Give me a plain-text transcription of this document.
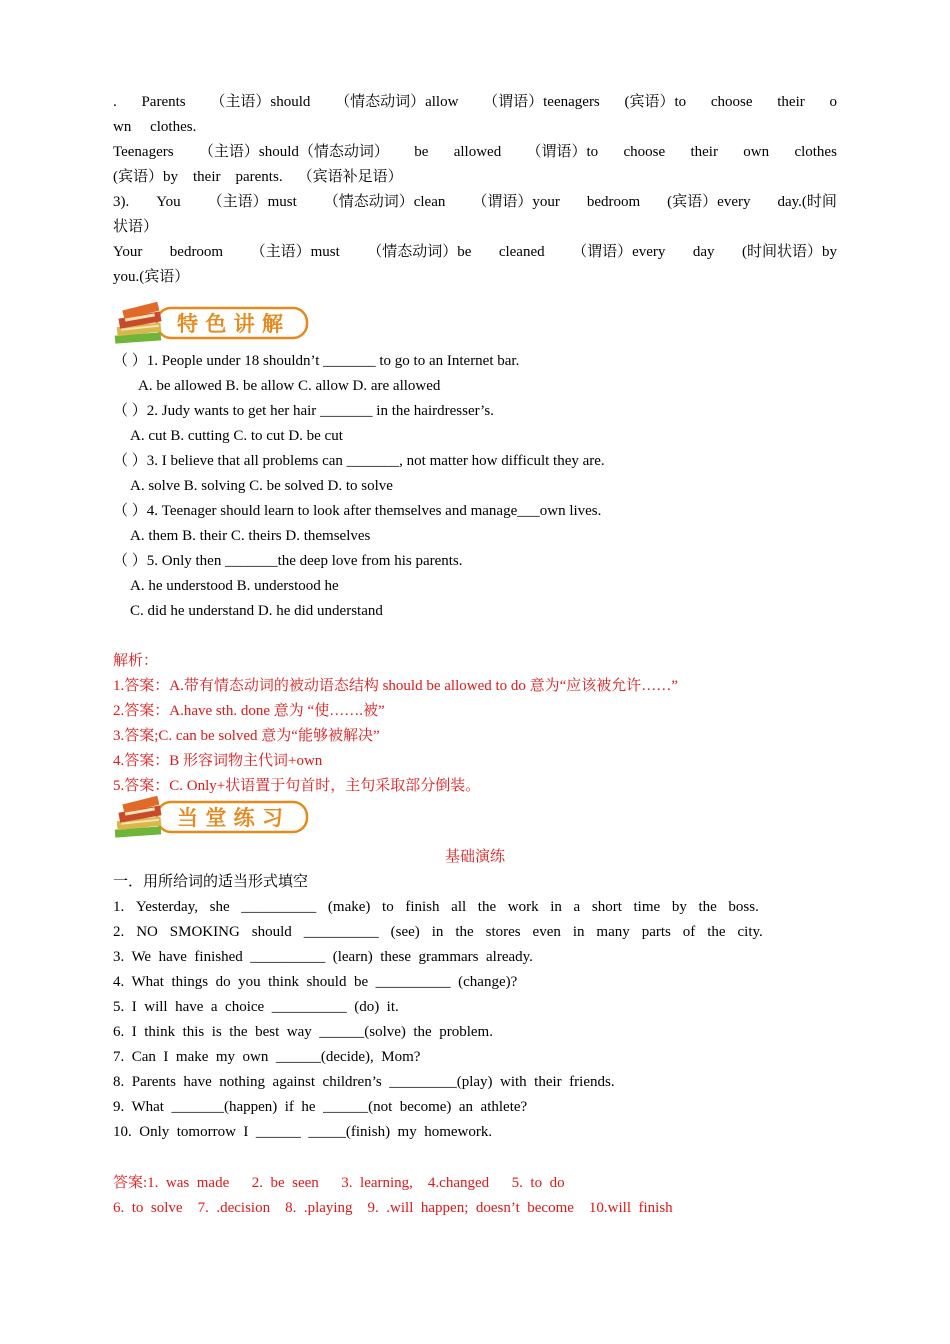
. Parents （主语）should （情态动词）allow （谓语）teenagers (宾语）to choose their o
wn clothes.
Teenagers （主语）should（情态动词） be allowed （谓语）to choose their own clothes
(宾语）by their parents. （宾语补足语）
3). You （主语）must （情态动词）clean （谓语）your bedroom (宾语）every day.(时间
状语）
Your bedroom （主语）must （情态动词）be cleaned （谓语）every day (时间状语）by
you.(宾语）
特 色 讲 解
（ ）1. People under 18 shouldn’t _______ to go to an Internet bar.
A. be allowed B. be allow C. allow D. are allowed
（ ）2. Judy wants to get her hair _______ in the hairdresser’s.
A. cut B. cutting C. to cut D. be cut
（ ）3. I believe that all problems can _______, not matter how difficult they are.
A. solve B. solving C. be solved D. to solve
（ ）4. Teenager should learn to look after themselves and manage___own lives.
A. them B. their C. theirs D. themselves
（ ）5. Only then _______the deep love from his parents.
A. he understood B. understood he
C. did he understand D. he did understand
解析：
1.答案：A.带有情态动词的被动语态结构 should be allowed to do 意为“应该被允许……”
2.答案：A.have sth. done 意为 “使…….被”
3.答案;C. can be solved 意为“能够被解决”
4.答案：B 形容词物主代词+own
5.答案：C. Only+状语置于句首时，主句采取部分倒装。
当 堂 练 习
基础演练
一．用所给词的适当形式填空
1. Yesterday, she __________ (make) to finish all the work in a short time by the boss.
2. NO SMOKING should __________ (see) in the stores even in many parts of the city.
3.  We  have  finished  __________  (learn)  these  grammars  already.
4.  What  things  do  you  think  should  be  __________  (change)?
5.  I  will  have  a  choice  __________  (do)  it.
6.  I  think  this  is  the  best  way  ______(solve)  the  problem.
7.  Can  I  make  my  own  ______(decide),  Mom?
8.  Parents  have  nothing  against  children’s  _________(play)  with  their  friends.
9.  What  _______(happen)  if  he  ______(not  become)  an  athlete?
10.  Only  tomorrow  I  ______  _____(finish)  my  homework.
答案:1.  was  made      2.  be  seen      3.  learning,    4.changed      5.  to  do
6.  to  solve    7.  .decision    8.  .playing    9.  .will  happen;  doesn’t  become    10.will  finish
